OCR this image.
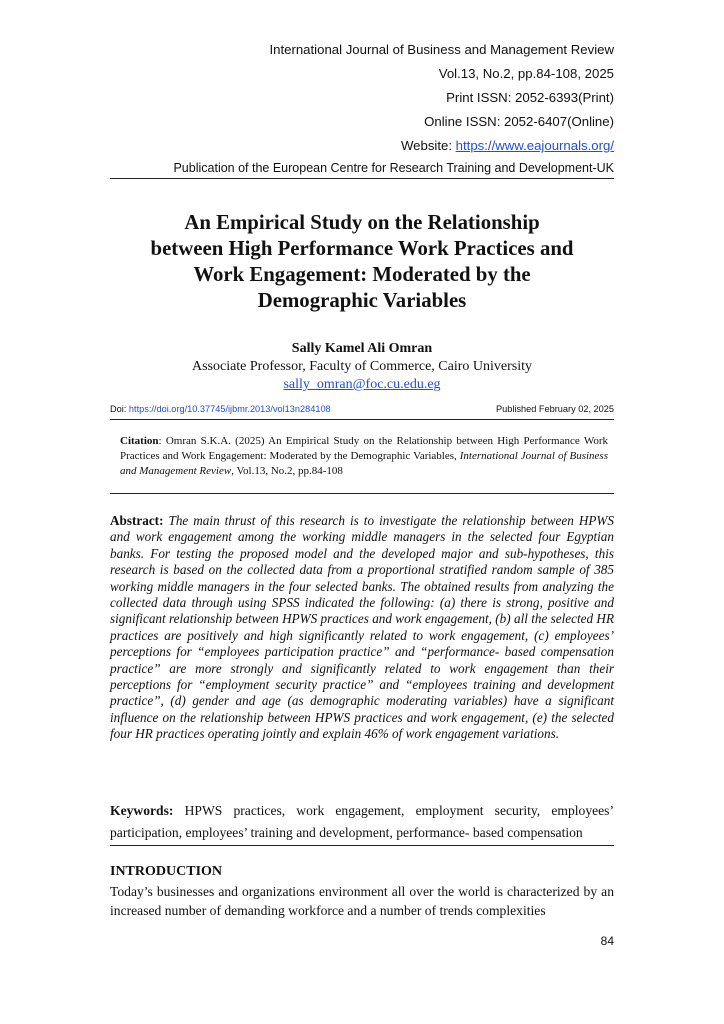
International Journal of Business and Management Review
Vol.13, No.2, pp.84-108, 2025
Print ISSN: 2052-6393(Print)
Online ISSN: 2052-6407(Online)
Website: https://www.eajournals.org/
Publication of the European Centre for Research Training and Development-UK
An Empirical Study on the Relationship
between High Performance Work Practices and
Work Engagement: Moderated by the
Demographic Variables
Sally Kamel Ali Omran
Associate Professor, Faculty of Commerce, Cairo University
sally_omran@foc.cu.edu.eg
Doi: https://doi.org/10.37745/ijbmr.2013/vol13n284108	Published February 02, 2025
Citation: Omran S.K.A. (2025) An Empirical Study on the Relationship between High Performance Work Practices and Work Engagement: Moderated by the Demographic Variables, International Journal of Business and Management Review, Vol.13, No.2, pp.84-108
Abstract: The main thrust of this research is to investigate the relationship between HPWS and work engagement among the working middle managers in the selected four Egyptian banks. For testing the proposed model and the developed major and sub-hypotheses, this research is based on the collected data from a proportional stratified random sample of 385 working middle managers in the four selected banks. The obtained results from analyzing the collected data through using SPSS indicated the following: (a) there is strong, positive and significant relationship between HPWS practices and work engagement, (b) all the selected HR practices are positively and high significantly related to work engagement, (c) employees’ perceptions for “employees participation practice” and “performance- based compensation practice” are more strongly and significantly related to work engagement than their perceptions for “employment security practice” and “employees training and development practice”, (d) gender and age (as demographic moderating variables) have a significant influence on the relationship between HPWS practices and work engagement, (e) the selected four HR practices operating jointly and explain 46% of work engagement variations.
Keywords: HPWS practices, work engagement, employment security, employees’ participation, employees’ training and development, performance- based compensation
INTRODUCTION
Today’s businesses and organizations environment all over the world is characterized by an increased number of demanding workforce and a number of trends complexities
84
